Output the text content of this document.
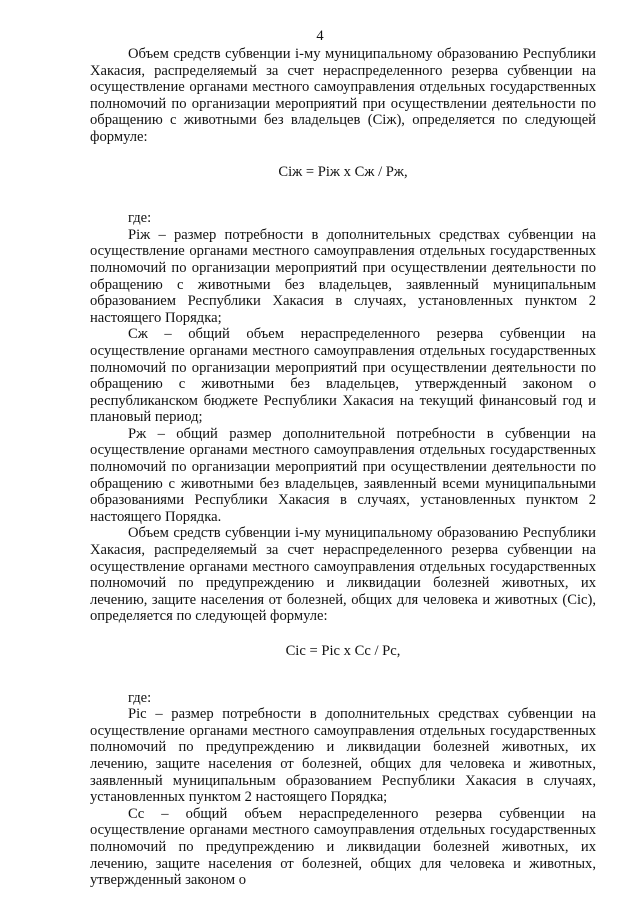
4

Объем средств субвенции i-му муниципальному образованию Республики Хакасия, распределяемый за счет нераспределенного резерва субвенции на осуществление органами местного самоуправления отдельных государственных полномочий по организации мероприятий при осуществлении деятельности по обращению с животными без владельцев (Ciж), определяется по следующей формуле:

Ciж = Piж x Cж / Pж,

где:

Piж – размер потребности в дополнительных средствах субвенции на осуществление органами местного самоуправления отдельных государственных полномочий по организации мероприятий при осуществлении деятельности по обращению с животными без владельцев, заявленный муниципальным образованием Республики Хакасия в случаях, установленных пунктом 2 настоящего Порядка;

Cж – общий объем нераспределенного резерва субвенции на осуществление органами местного самоуправления отдельных государственных полномочий по организации мероприятий при осуществлении деятельности по обращению с животными без владельцев, утвержденный законом о республиканском бюджете Республики Хакасия на текущий финансовый год и плановый период;

Pж – общий размер дополнительной потребности в субвенции на осуществление органами местного самоуправления отдельных государственных полномочий по организации мероприятий при осуществлении деятельности по обращению с животными без владельцев, заявленный всеми муниципальными образованиями Республики Хакасия в случаях, установленных пунктом 2 настоящего Порядка.

Объем средств субвенции i-му муниципальному образованию Республики Хакасия, распределяемый за счет нераспределенного резерва субвенции на осуществление органами местного самоуправления отдельных государственных полномочий по предупреждению и ликвидации болезней животных, их лечению, защите населения от болезней, общих для человека и животных (Cic), определяется по следующей формуле:

Cic = Pic x Cc / Pc,

где:

Pic – размер потребности в дополнительных средствах субвенции на осуществление органами местного самоуправления отдельных государственных полномочий по предупреждению и ликвидации болезней животных, их лечению, защите населения от болезней, общих для человека и животных, заявленный муниципальным образованием Республики Хакасия в случаях, установленных пунктом 2 настоящего Порядка;

Cc – общий объем нераспределенного резерва субвенции на осуществление органами местного самоуправления отдельных государственных полномочий по предупреждению и ликвидации болезней животных, их лечению, защите населения от болезней, общих для человека и животных, утвержденный законом о
